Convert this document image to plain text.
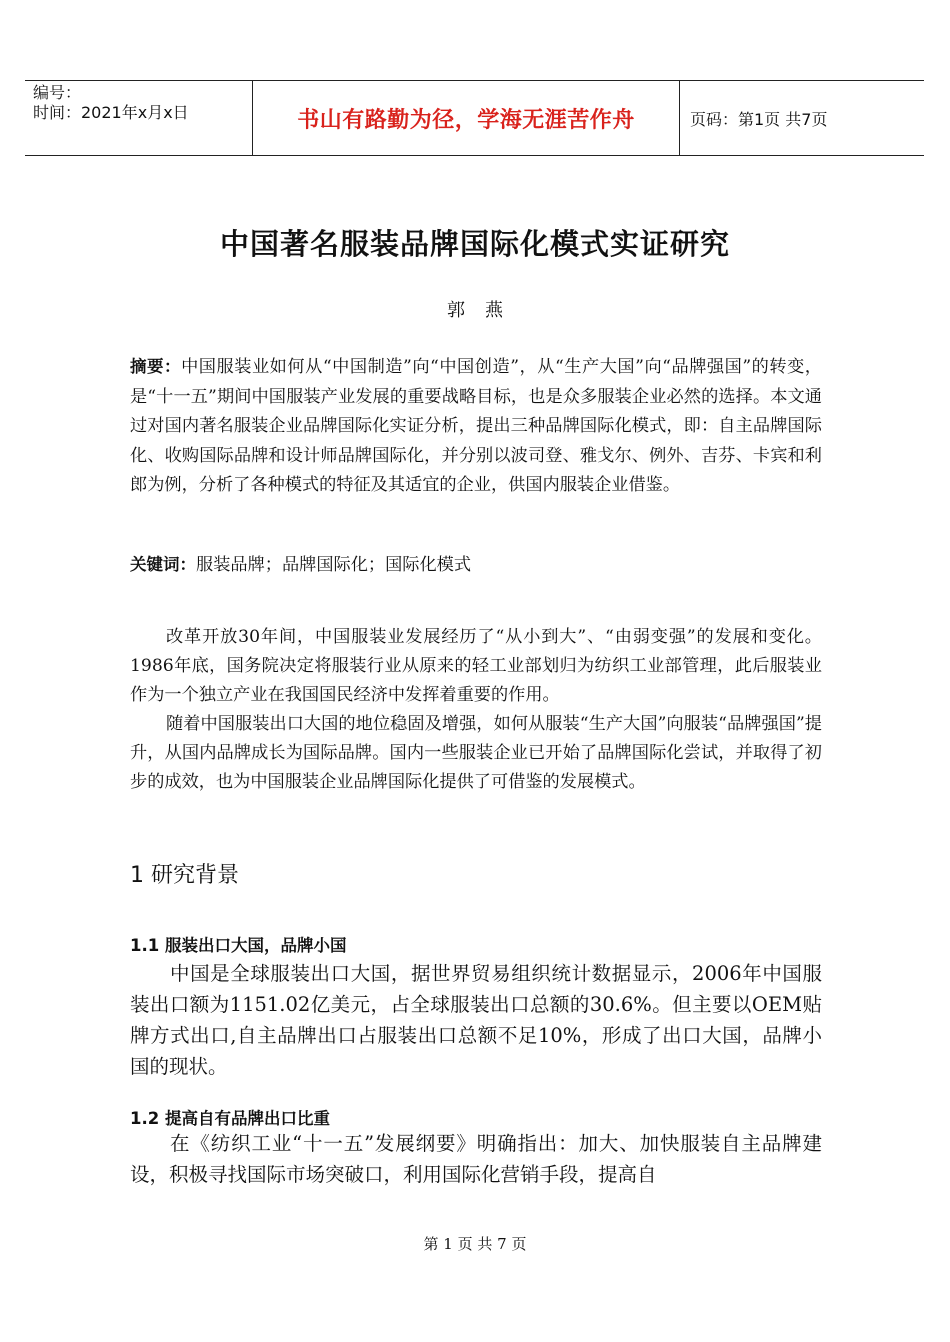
编号：
时间：2021年x月x日	书山有路勤为径，学海无涯苦作舟	页码：第1页 共7页
中国著名服装品牌国际化模式实证研究
郭燕
摘要：中国服装业如何从“中国制造”向“中国创造”，从“生产大国”向“品牌强国”的转变，是“十一五”期间中国服装产业发展的重要战略目标，也是众多服装企业必然的选择。本文通过对国内著名服装企业品牌国际化实证分析，提出三种品牌国际化模式，即：自主品牌国际化、收购国际品牌和设计师品牌国际化，并分别以波司登、雅戈尔、例外、吉芬、卡宾和利郎为例，分析了各种模式的特征及其适宜的企业，供国内服装企业借鉴。
关键词：服装品牌；品牌国际化；国际化模式
改革开放30年间，中国服装业发展经历了“从小到大”、“由弱变强”的发展和变化。1986年底，国务院决定将服装行业从原来的轻工业部划归为纺织工业部管理，此后服装业作为一个独立产业在我国国民经济中发挥着重要的作用。
随着中国服装出口大国的地位稳固及增强，如何从服装“生产大国”向服装“品牌强国”提升，从国内品牌成长为国际品牌。国内一些服装企业已开始了品牌国际化尝试，并取得了初步的成效，也为中国服装企业品牌国际化提供了可借鉴的发展模式。
1 研究背景
1.1 服装出口大国，品牌小国
中国是全球服装出口大国，据世界贸易组织统计数据显示，2006年中国服装出口额为1151.02亿美元，占全球服装出口总额的30.6%。但主要以OEM贴牌方式出口,自主品牌出口占服装出口总额不足10%，形成了出口大国，品牌小国的现状。
1.2 提高自有品牌出口比重
在《纺织工业“十一五”发展纲要》明确指出：加大、加快服装自主品牌建设，积极寻找国际市场突破口，利用国际化营销手段，提高自
第 1 页 共 7 页
